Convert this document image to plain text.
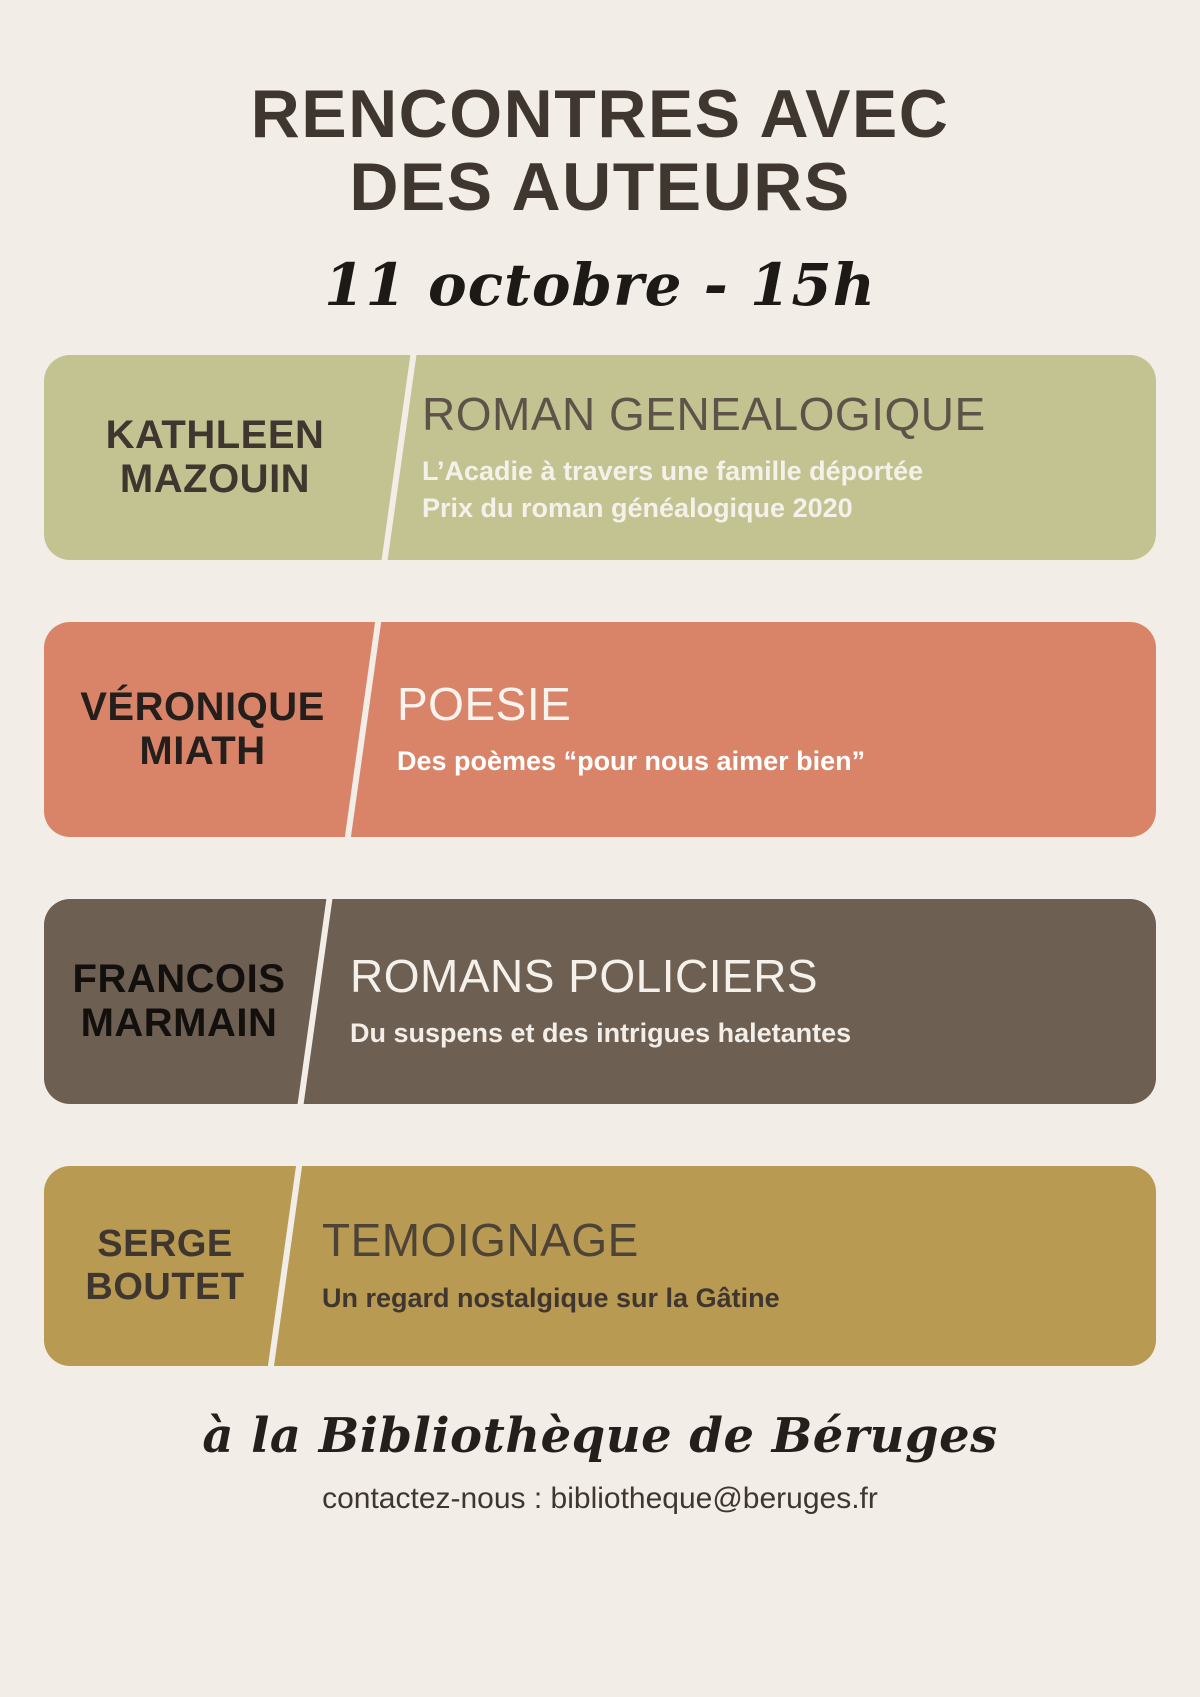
RENCONTRES AVEC
DES AUTEURS
11 octobre - 15h
KATHLEEN
MAZOUIN
ROMAN GENEALOGIQUE
L’Acadie à travers une famille déportée
Prix du roman généalogique 2020
VÉRONIQUE
MIATH
POESIE
Des poèmes “pour nous aimer bien”
FRANCOIS
MARMAIN
ROMANS POLICIERS
Du suspens et des intrigues haletantes
SERGE
BOUTET
TEMOIGNAGE
Un regard nostalgique sur la Gâtine
à la Bibliothèque de Béruges
contactez-nous : bibliotheque@beruges.fr
